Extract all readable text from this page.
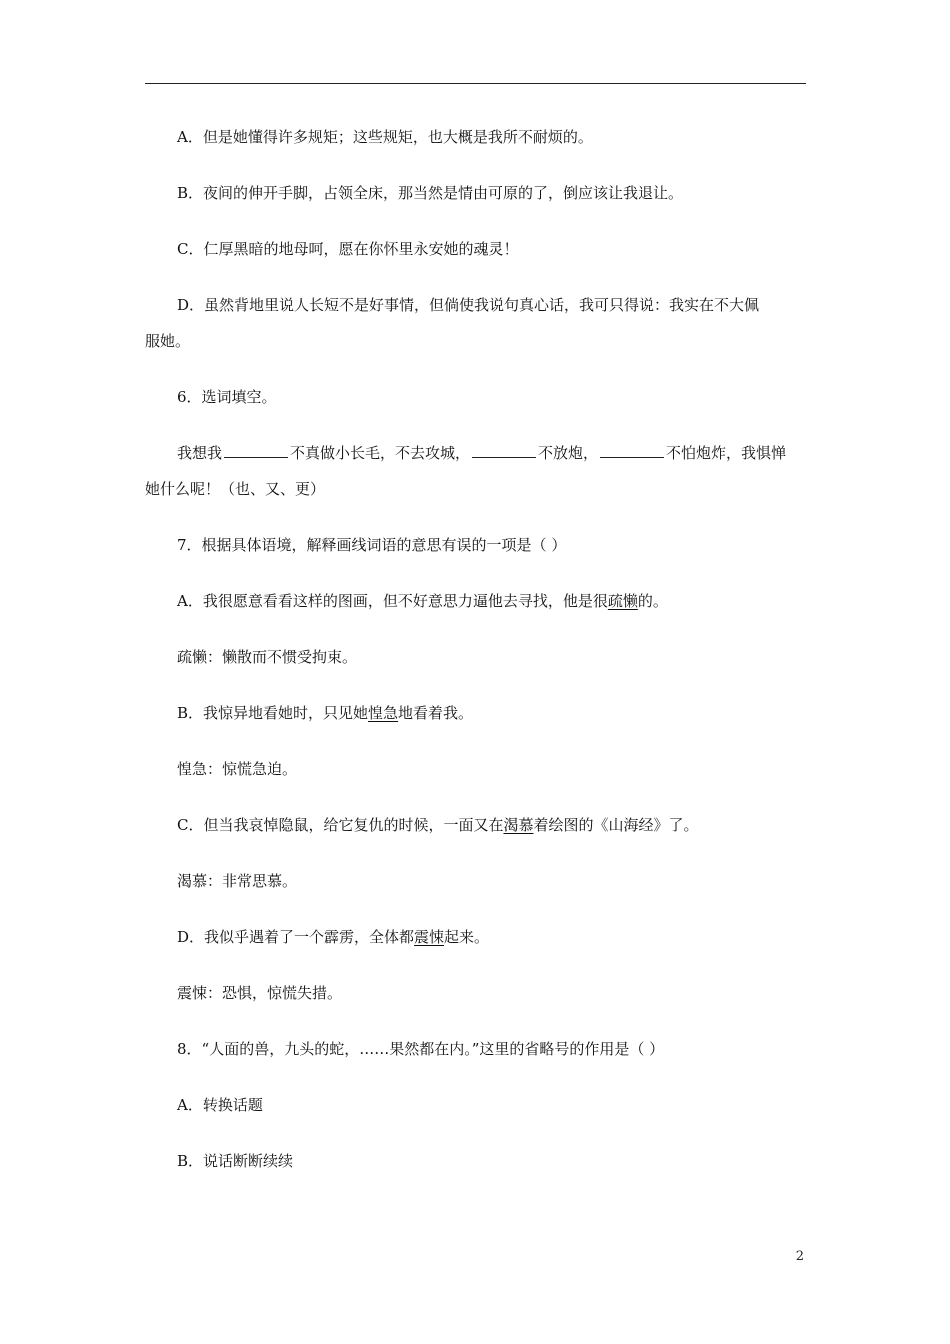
A．但是她懂得许多规矩；这些规矩，也大概是我所不耐烦的。
B．夜间的伸开手脚，占领全床，那当然是情由可原的了，倒应该让我退让。
C．仁厚黑暗的地母呵，愿在你怀里永安她的魂灵！
D．虽然背地里说人长短不是好事情，但倘使我说句真心话，我可只得说：我实在不大佩
服她。
6．选词填空。
我想我	不真做小长毛，不去攻城，	不放炮，	不怕炮炸，我惧惮
她什么呢！（也、又、更）
7．根据具体语境，解释画线词语的意思有误的一项是（ ）
A．我很愿意看看这样的图画，但不好意思力逼他去寻找，他是很疏懒的。
疏懒：懒散而不惯受拘束。
B．我惊异地看她时，只见她惶急地看着我。
惶急：惊慌急迫。
C．但当我哀悼隐鼠，给它复仇的时候，一面又在渴慕着绘图的《山海经》了。
渴慕：非常思慕。
D．我似乎遇着了一个霹雳，全体都震悚起来。
震悚：恐惧，惊慌失措。
8．“人面的兽，九头的蛇，……果然都在内。”这里的省略号的作用是（ ）
A．转换话题
B．说话断断续续
2
